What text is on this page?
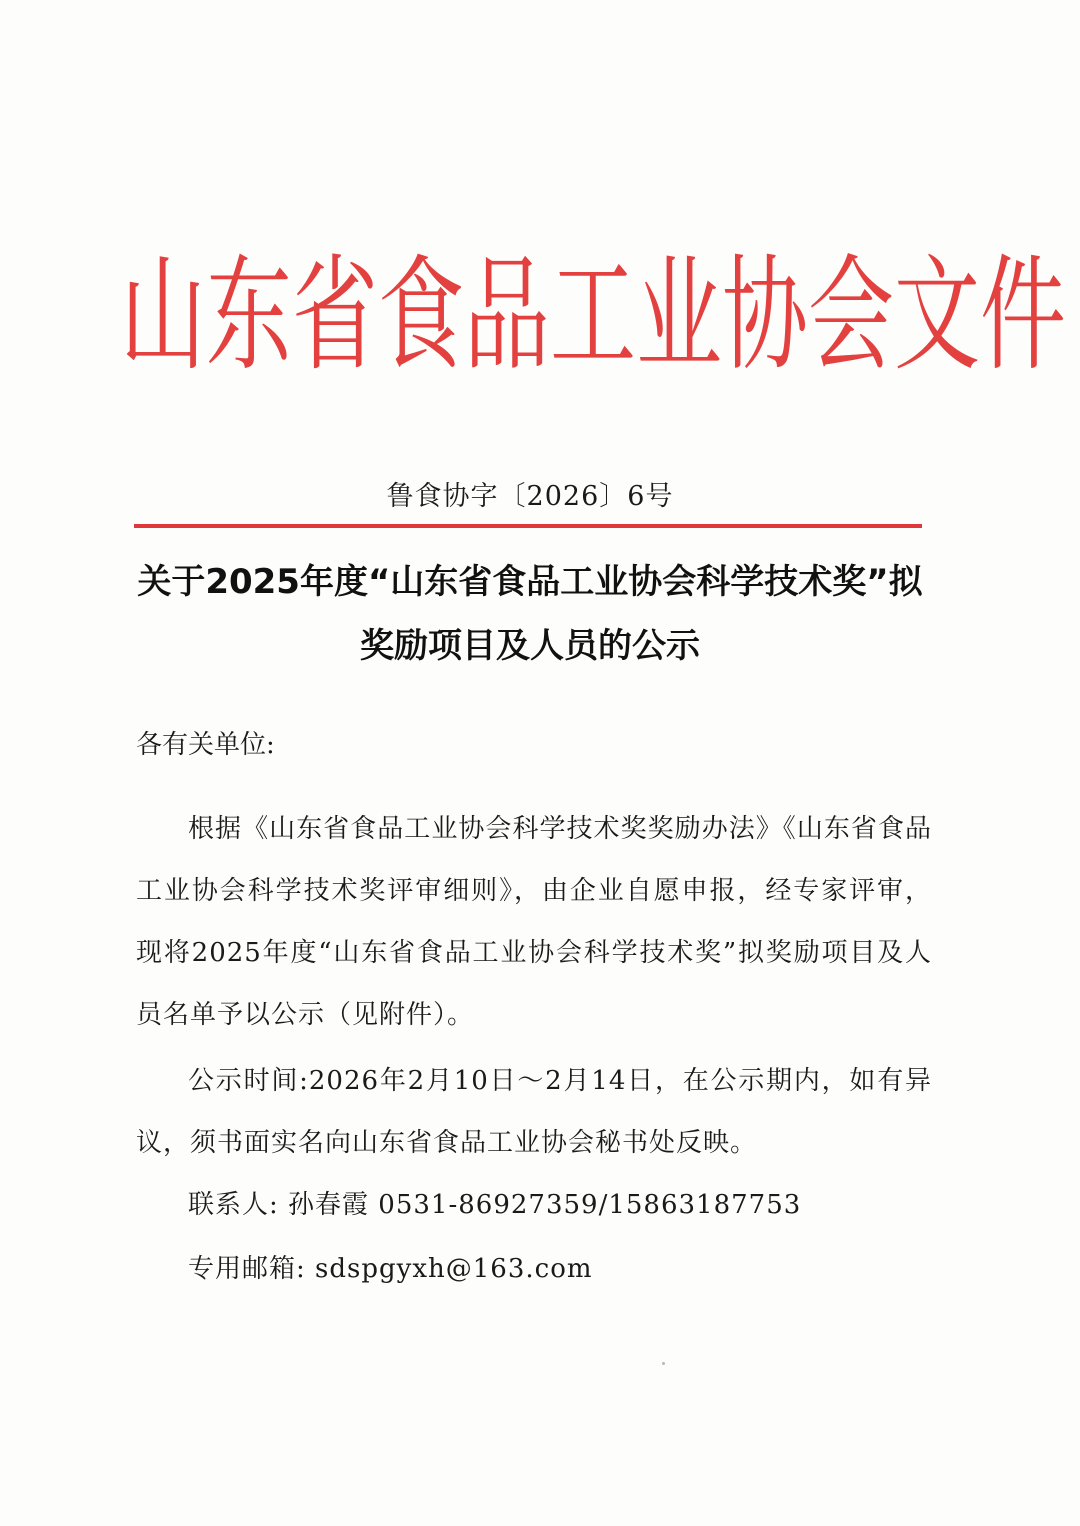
山东省食品工业协会文件
鲁食协字〔2026〕6号
关于2025年度“山东省食品工业协会科学技术奖”拟奖励项目及人员的公示
各有关单位:
根据《山东省食品工业协会科学技术奖奖励办法》《山东省食品工业协会科学技术奖评审细则》，由企业自愿申报，经专家评审，现将2025年度“山东省食品工业协会科学技术奖”拟奖励项目及人员名单予以公示（见附件）。
公示时间:2026年2月10日～2月14日，在公示期内，如有异议，须书面实名向山东省食品工业协会秘书处反映。
联系人: 孙春霞 0531-86927359/15863187753
专用邮箱: sdspgyxh@163.com
